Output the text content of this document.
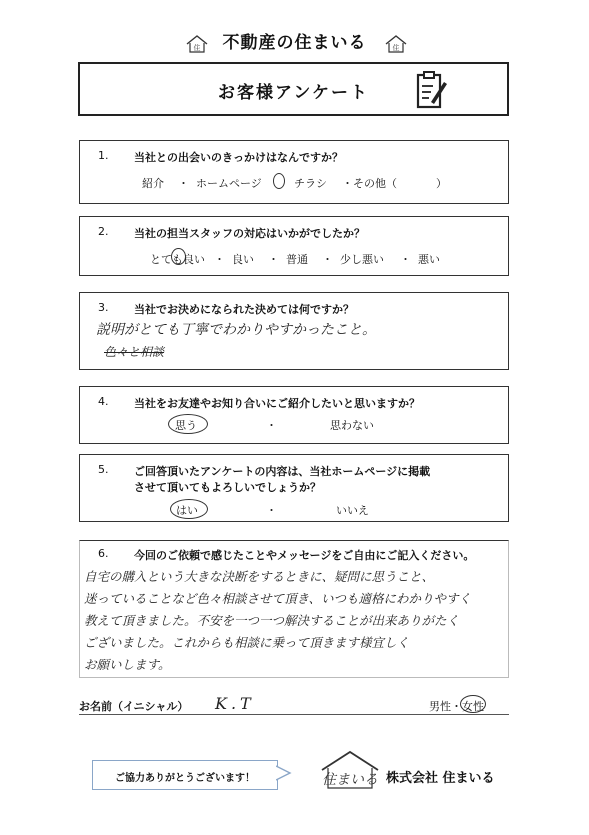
住	不動産の住まいる	住
お客様アンケート
1. 当社との出会いのきっかけはなんですか？
紹介 ・ ホームページ	チラシ ・その他（	）
2. 当社の担当スタッフの対応はいかがでしたか？
とても良い ・ 良い ・ 普通 ・ 少し悪い ・ 悪い
3. 当社でお決めになられた決めては何ですか？
説明がとても丁寧でわかりやすかったこと。
色々と相談
4. 当社をお友達やお知り合いにご紹介したいと思いますか？
思う	・	思わない
5. ご回答頂いたアンケートの内容は、当社ホームページに掲載
させて頂いてもよろしいでしょうか？
はい	・	いいえ
6. 今回のご依頼で感じたことやメッセージをご自由にご記入ください。
自宅の購入という大きな決断をするときに、疑問に思うこと、
迷っていることなど色々相談させて頂き、いつも適格にわかりやすく
教えて頂きました。不安を一つ一つ解決することが出来ありがたく
ございました。これからも相談に乗って頂きます様宜しく
お願いします。
お名前（イニシャル） K.T	男性・女性
ご協力ありがとうございます！	住まいる 株式会社 住まいる
